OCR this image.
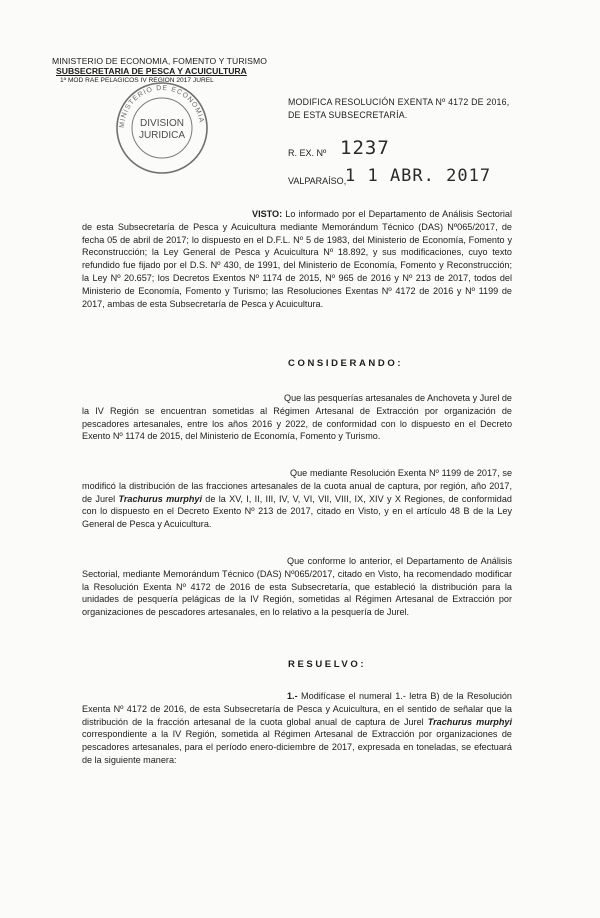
MINISTERIO DE ECONOMIA, FOMENTO Y TURISMO
SUBSECRETARIA DE PESCA Y ACUICULTURA
1ª MOD RAE PELAGICOS IV REGION 2017 JUREL
MINISTERIO DE ECONOMIA
DIVISION
JURIDICA
MODIFICA RESOLUCIÓN EXENTA Nº 4172 DE 2016,
DE ESTA SUBSECRETARÍA.
R. EX. Nº 1237
VALPARAÍSO,
1 1 ABR. 2017
VISTO: Lo informado por el Departamento de Análisis Sectorial de esta Subsecretaría de Pesca y Acuicultura mediante Memorándum Técnico (DAS) Nº065/2017, de fecha 05 de abril de 2017; lo dispuesto en el D.F.L. Nº 5 de 1983, del Ministerio de Economía, Fomento y Reconstrucción; la Ley General de Pesca y Acuicultura Nº 18.892, y sus modificaciones, cuyo texto refundido fue fijado por el D.S. Nº 430, de 1991, del Ministerio de Economía, Fomento y Reconstrucción; la Ley Nº 20.657; los Decretos Exentos Nº 1174 de 2015, Nº 965 de 2016 y Nº 213 de 2017, todos del Ministerio de Economía, Fomento y Turismo; las Resoluciones Exentas Nº 4172 de 2016 y Nº 1199 de 2017, ambas de esta Subsecretaría de Pesca y Acuicultura.
CONSIDERANDO:
Que las pesquerías artesanales de Anchoveta y Jurel de la IV Región se encuentran sometidas al Régimen Artesanal de Extracción por organización de pescadores artesanales, entre los años 2016 y 2022, de conformidad con lo dispuesto en el Decreto Exento Nº 1174 de 2015, del Ministerio de Economía, Fomento y Turismo.
Que mediante Resolución Exenta Nº 1199 de 2017, se modificó la distribución de las fracciones artesanales de la cuota anual de captura, por región, año 2017, de Jurel Trachurus murphyi de la XV, I, II, III, IV, V, VI, VII, VIII, IX, XIV y X Regiones, de conformidad con lo dispuesto en el Decreto Exento Nº 213 de 2017, citado en Visto, y en el artículo 48 B de la Ley General de Pesca y Acuicultura.
Que conforme lo anterior, el Departamento de Análisis Sectorial, mediante Memorándum Técnico (DAS) Nº065/2017, citado en Visto, ha recomendado modificar la Resolución Exenta Nº 4172 de 2016 de esta Subsecretaría, que estableció la distribución para la unidades de pesquería pelágicas de la IV Región, sometidas al Régimen Artesanal de Extracción por organizaciones de pescadores artesanales, en lo relativo a la pesquería de Jurel.
RESUELVO:
1.- Modifícase el numeral 1.- letra B) de la Resolución Exenta Nº 4172 de 2016, de esta Subsecretaría de Pesca y Acuicultura, en el sentido de señalar que la distribución de la fracción artesanal de la cuota global anual de captura de Jurel Trachurus murphyi correspondiente a la IV Región, sometida al Régimen Artesanal de Extracción por organizaciones de pescadores artesanales, para el período enero-diciembre de 2017, expresada en toneladas, se efectuará de la siguiente manera:
